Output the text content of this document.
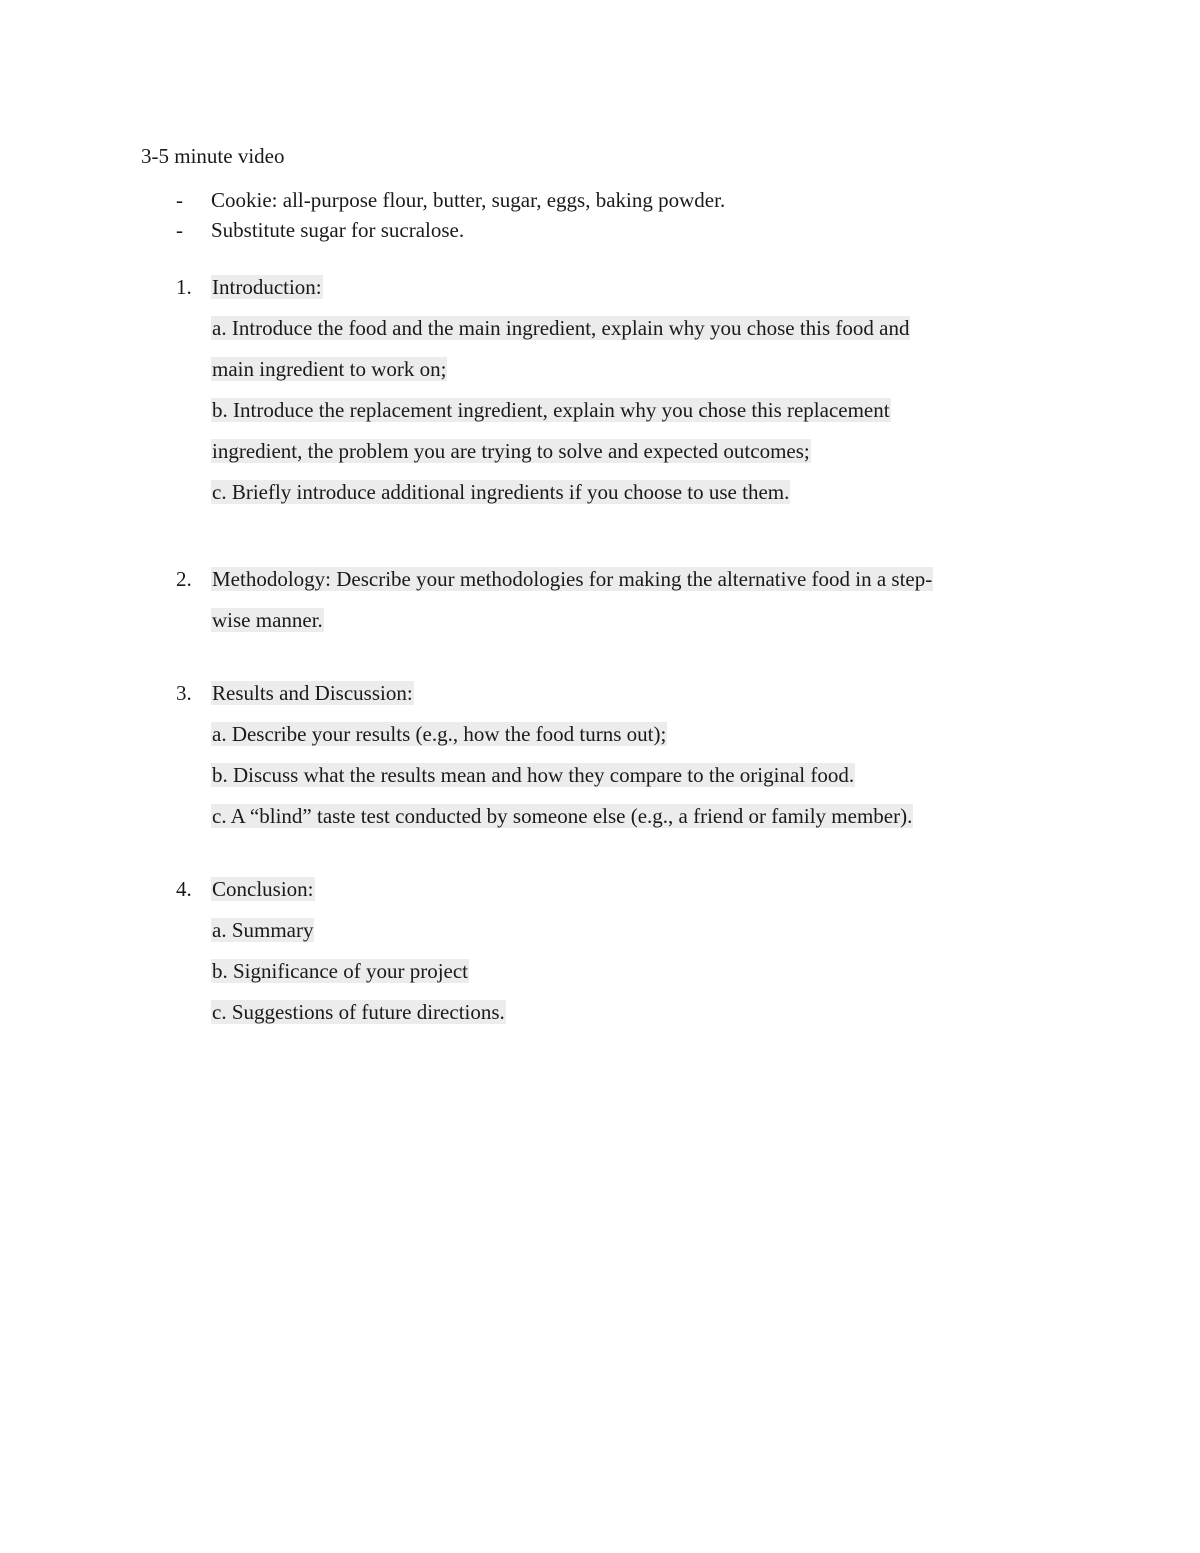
3-5 minute video
- Cookie: all-purpose flour, butter, sugar, eggs, baking powder.
- Substitute sugar for sucralose.
1. Introduction:
a. Introduce the food and the main ingredient, explain why you chose this food and
main ingredient to work on;
b. Introduce the replacement ingredient, explain why you chose this replacement
ingredient, the problem you are trying to solve and expected outcomes;
c. Briefly introduce additional ingredients if you choose to use them.
2. Methodology: Describe your methodologies for making the alternative food in a step-
wise manner.
3. Results and Discussion:
a. Describe your results (e.g., how the food turns out);
b. Discuss what the results mean and how they compare to the original food.
c. A “blind” taste test conducted by someone else (e.g., a friend or family member).
4. Conclusion:
a. Summary
b. Significance of your project
c. Suggestions of future directions.
